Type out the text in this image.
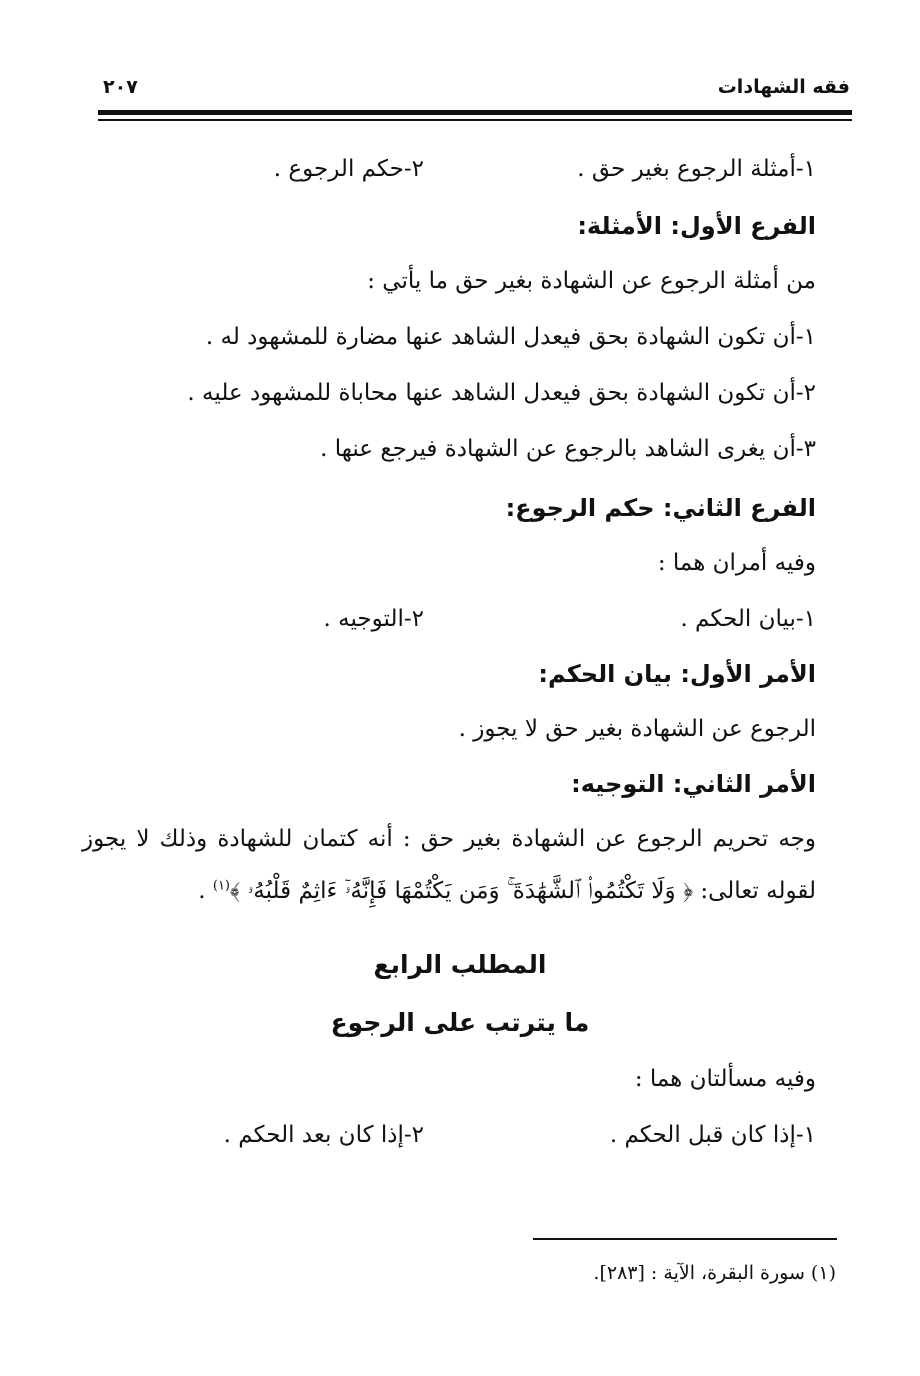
فقه الشهادات
٢٠٧
١-أمثلة الرجوع بغير حق .
٢-حكم الرجوع .
الفرع الأول: الأمثلة:
من أمثلة الرجوع عن الشهادة بغير حق ما يأتي :
١-أن تكون الشهادة بحق فيعدل الشاهد عنها مضارة للمشهود له .
٢-أن تكون الشهادة بحق فيعدل الشاهد عنها محاباة للمشهود عليه .
٣-أن يغرى الشاهد بالرجوع عن الشهادة فيرجع عنها .
الفرع الثاني: حكم الرجوع:
وفيه أمران هما :
١-بيان الحكم .
٢-التوجيه .
الأمر الأول: بيان الحكم:
الرجوع عن الشهادة بغير حق لا يجوز .
الأمر الثاني: التوجيه:
وجه تحريم الرجوع عن الشهادة بغير حق : أنه كتمان للشهادة وذلك لا يجوز
لقوله تعالى: ﴿ وَلَا تَكْتُمُوا۟ ٱلشَّهَٰدَةَ ۚ وَمَن يَكْتُمْهَا فَإِنَّهُۥٓ ءَاثِمٌ قَلْبُهُۥ ﴾$^{(١)}$ .
المطلب الرابع
ما يترتب على الرجوع
وفيه مسألتان هما :
١-إذا كان قبل الحكم .
٢-إذا كان بعد الحكم .
(١) سورة البقرة، الآية : [٢٨٣].
